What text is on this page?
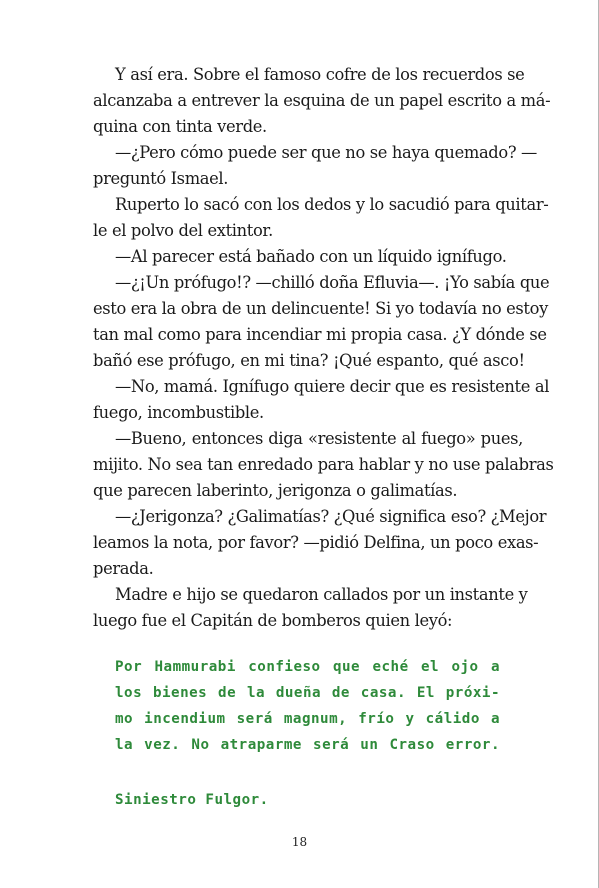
Y así era. Sobre el famoso cofre de los recuerdos se
alcanzaba a entrever la esquina de un papel escrito a má-
quina con tinta verde.
—¿Pero cómo puede ser que no se haya quemado? —
preguntó Ismael.
Ruperto lo sacó con los dedos y lo sacudió para quitar-
le el polvo del extintor.
—Al parecer está bañado con un líquido ignífugo.
—¿¡Un prófugo!? —chilló doña Efluvia—. ¡Yo sabía que
esto era la obra de un delincuente! Si yo todavía no estoy
tan mal como para incendiar mi propia casa. ¿Y dónde se
bañó ese prófugo, en mi tina? ¡Qué espanto, qué asco!
—No, mamá. Ignífugo quiere decir que es resistente al
fuego, incombustible.
—Bueno, entonces diga «resistente al fuego» pues,
mijito. No sea tan enredado para hablar y no use palabras
que parecen laberinto, jerigonza o galimatías.
—¿Jerigonza? ¿Galimatías? ¿Qué significa eso? ¿Mejor
leamos la nota, por favor? —pidió Delfina, un poco exas-
perada.
Madre e hijo se quedaron callados por un instante y
luego fue el Capitán de bomberos quien leyó:
Por Hammurabi confieso que eché el ojo a
los bienes de la dueña de casa. El próxi-
mo incendium será magnum, frío y cálido a
la vez. No atraparme será un Craso error.
Siniestro Fulgor.
18
